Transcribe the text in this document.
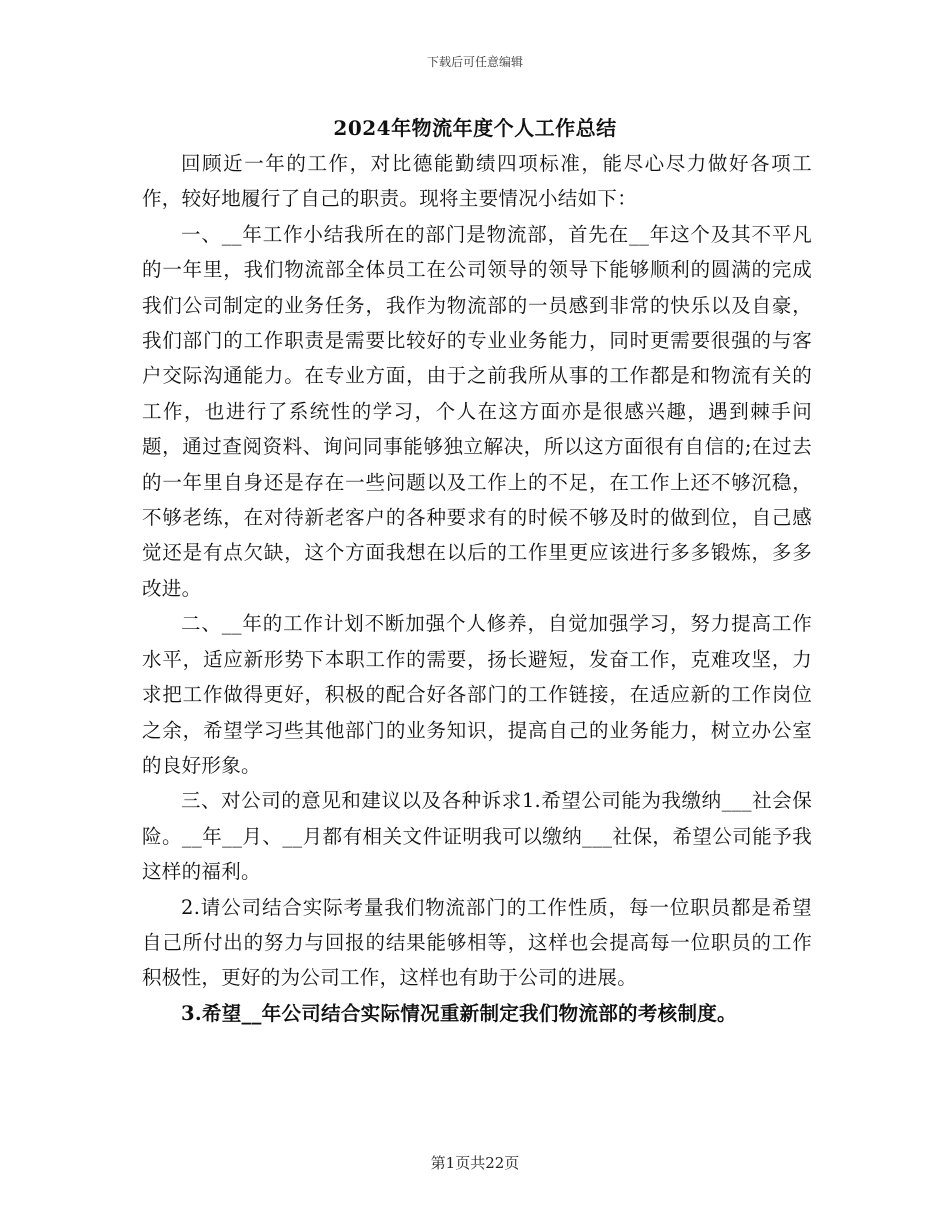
下载后可任意编辑
2024年物流年度个人工作总结

回顾近一年的工作，对比德能勤绩四项标准，能尽心尽力做好各项工作，较好地履行了自己的职责。现将主要情况小结如下：

一、__年工作小结我所在的部门是物流部，首先在__年这个及其不平凡的一年里，我们物流部全体员工在公司领导的领导下能够顺利的圆满的完成我们公司制定的业务任务，我作为物流部的一员感到非常的快乐以及自豪，我们部门的工作职责是需要比较好的专业业务能力，同时更需要很强的与客户交际沟通能力。在专业方面，由于之前我所从事的工作都是和物流有关的工作，也进行了系统性的学习，个人在这方面亦是很感兴趣，遇到棘手问题，通过查阅资料、询问同事能够独立解决，所以这方面很有自信的;在过去的一年里自身还是存在一些问题以及工作上的不足，在工作上还不够沉稳，不够老练，在对待新老客户的各种要求有的时候不够及时的做到位，自己感觉还是有点欠缺，这个方面我想在以后的工作里更应该进行多多锻炼，多多改进。

二、__年的工作计划不断加强个人修养，自觉加强学习，努力提高工作水平，适应新形势下本职工作的需要，扬长避短，发奋工作，克难攻坚，力求把工作做得更好，积极的配合好各部门的工作链接，在适应新的工作岗位之余，希望学习些其他部门的业务知识，提高自己的业务能力，树立办公室的良好形象。

三、对公司的意见和建议以及各种诉求1.希望公司能为我缴纳___社会保险。__年__月、__月都有相关文件证明我可以缴纳___社保，希望公司能予我这样的福利。

2.请公司结合实际考量我们物流部门的工作性质，每一位职员都是希望自己所付出的努力与回报的结果能够相等，这样也会提高每一位职员的工作积极性，更好的为公司工作，这样也有助于公司的进展。

3.希望__年公司结合实际情况重新制定我们物流部的考核制度。

第1页共22页
